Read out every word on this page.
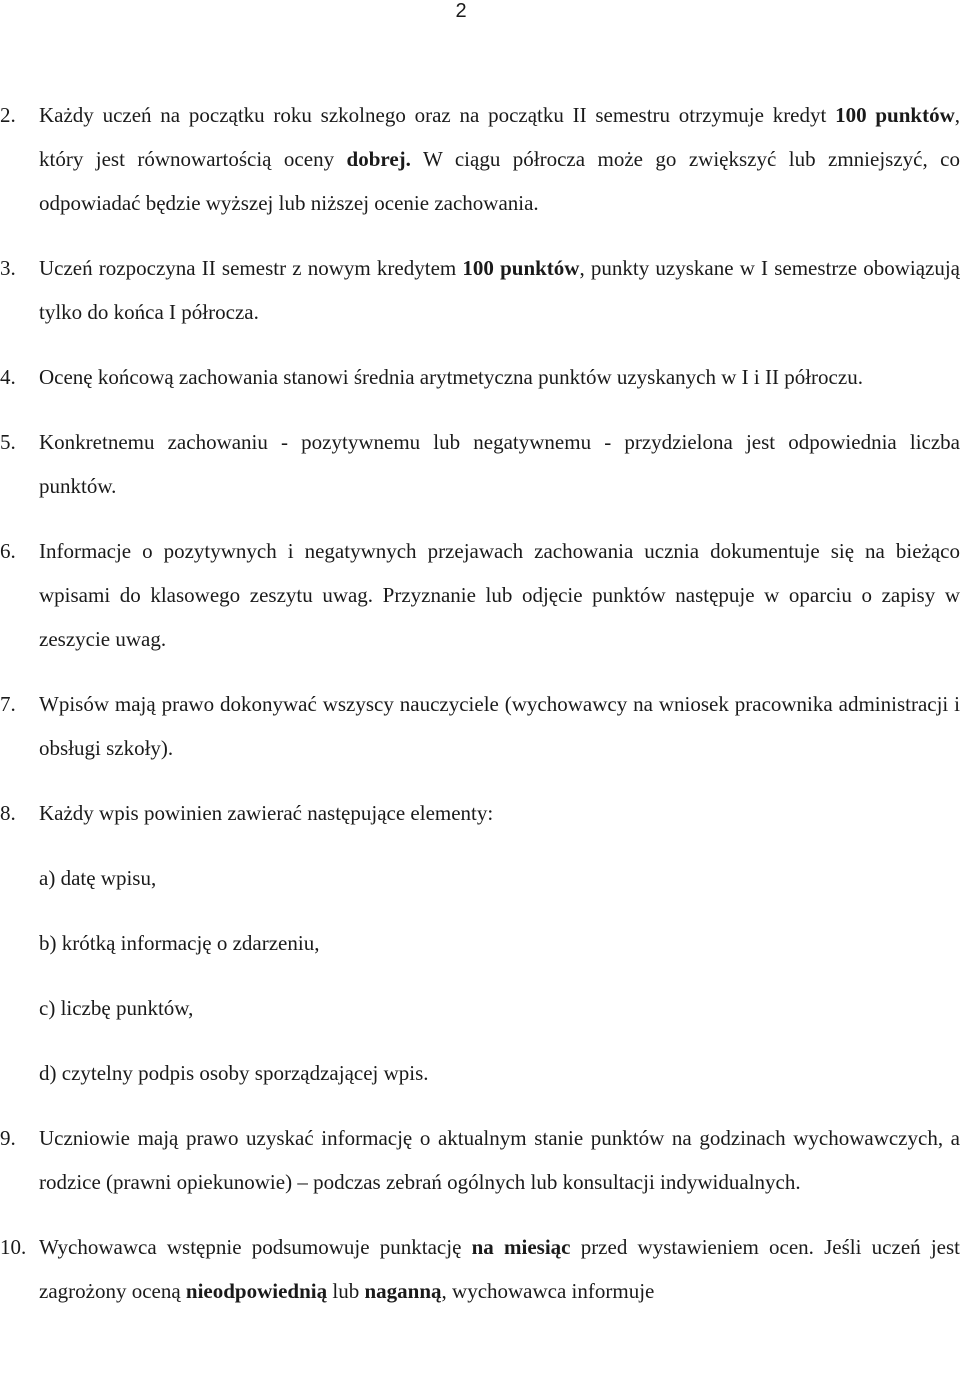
2

2. Każdy uczeń na początku roku szkolnego oraz na początku II semestru otrzymuje kredyt 100 punktów, który jest równowartością oceny dobrej. W ciągu półrocza może go zwiększyć lub zmniejszyć, co odpowiadać będzie wyższej lub niższej ocenie zachowania.

3. Uczeń rozpoczyna II semestr z nowym kredytem 100 punktów, punkty uzyskane w I semestrze obowiązują tylko do końca I półrocza.

4. Ocenę końcową zachowania stanowi średnia arytmetyczna punktów uzyskanych w I i II półroczu.

5. Konkretnemu zachowaniu - pozytywnemu lub negatywnemu - przydzielona jest odpowiednia liczba punktów.

6. Informacje o pozytywnych i negatywnych przejawach zachowania ucznia dokumentuje się na bieżąco wpisami do klasowego zeszytu uwag. Przyznanie lub odjęcie punktów następuje w oparciu o zapisy w zeszycie uwag.

7. Wpisów mają prawo dokonywać wszyscy nauczyciele (wychowawcy na wniosek pracownika administracji i obsługi szkoły).

8. Każdy wpis powinien zawierać następujące elementy:

a) datę wpisu,

b) krótką informację o zdarzeniu,

c) liczbę punktów,

d) czytelny podpis osoby sporządzającej wpis.

9. Uczniowie mają prawo uzyskać informację o aktualnym stanie punktów na godzinach wychowawczych, a rodzice (prawni opiekunowie) – podczas zebrań ogólnych lub konsultacji indywidualnych.

10. Wychowawca wstępnie podsumowuje punktację na miesiąc przed wystawieniem ocen. Jeśli uczeń jest zagrożony oceną nieodpowiednią lub naganną, wychowawca informuje
